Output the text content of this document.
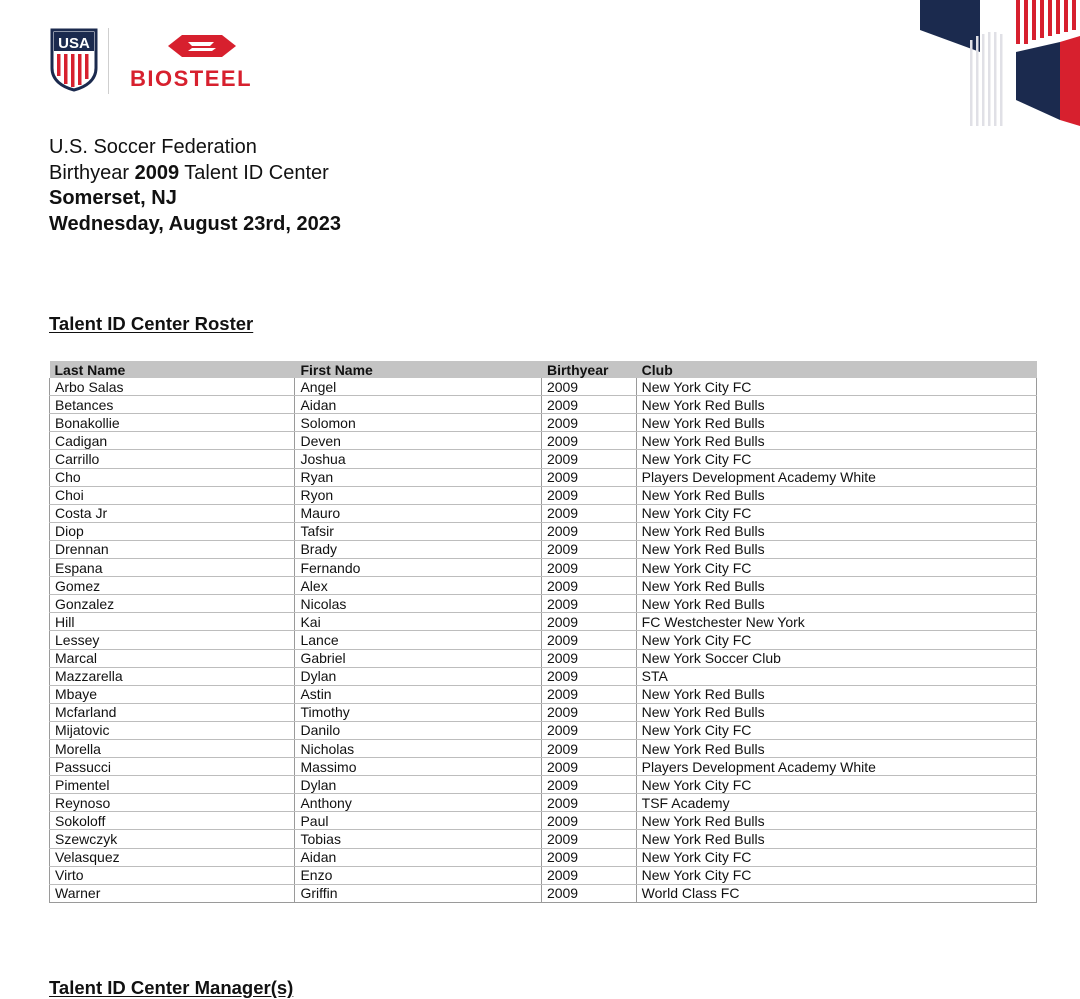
USA
BIOSTEEL
U.S. Soccer Federation
Birthyear 2009 Talent ID Center
Somerset, NJ
Wednesday, August 23rd, 2023
Talent ID Center Roster
Last Name	First Name	Birthyear	Club
Arbo Salas	Angel	2009	New York City FC
Betances	Aidan	2009	New York Red Bulls
Bonakollie	Solomon	2009	New York Red Bulls
Cadigan	Deven	2009	New York Red Bulls
Carrillo	Joshua	2009	New York City FC
Cho	Ryan	2009	Players Development Academy White
Choi	Ryon	2009	New York Red Bulls
Costa Jr	Mauro	2009	New York City FC
Diop	Tafsir	2009	New York Red Bulls
Drennan	Brady	2009	New York Red Bulls
Espana	Fernando	2009	New York City FC
Gomez	Alex	2009	New York Red Bulls
Gonzalez	Nicolas	2009	New York Red Bulls
Hill	Kai	2009	FC Westchester New York
Lessey	Lance	2009	New York City FC
Marcal	Gabriel	2009	New York Soccer Club
Mazzarella	Dylan	2009	STA
Mbaye	Astin	2009	New York Red Bulls
Mcfarland	Timothy	2009	New York Red Bulls
Mijatovic	Danilo	2009	New York City FC
Morella	Nicholas	2009	New York Red Bulls
Passucci	Massimo	2009	Players Development Academy White
Pimentel	Dylan	2009	New York City FC
Reynoso	Anthony	2009	TSF Academy
Sokoloff	Paul	2009	New York Red Bulls
Szewczyk	Tobias	2009	New York Red Bulls
Velasquez	Aidan	2009	New York City FC
Virto	Enzo	2009	New York City FC
Warner	Griffin	2009	World Class FC
Talent ID Center Manager(s)
